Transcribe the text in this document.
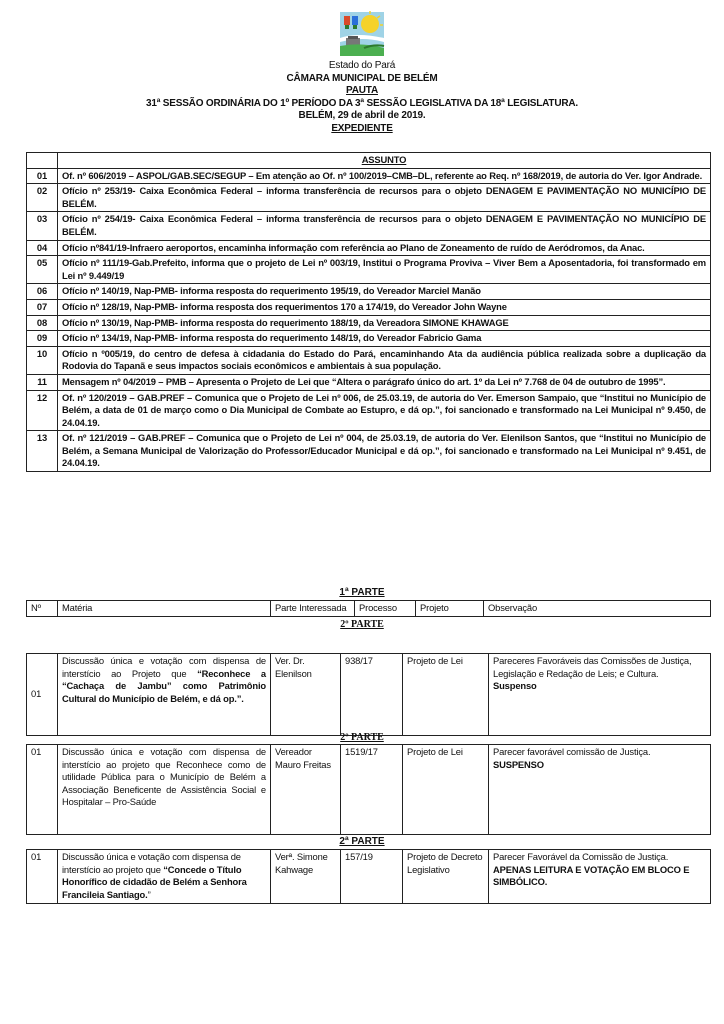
Estado do Pará
CÂMARA MUNICIPAL DE BELÉM
PAUTA
31ª SESSÃO ORDINÁRIA DO 1º PERÍODO DA 3ª SESSÃO LEGISLATIVA DA 18ª LEGISLATURA.
BELÉM, 29 de abril de 2019.
EXPEDIENTE
	ASSUNTO
01	Of. nº 606/2019 – ASPOL/GAB.SEC/SEGUP – Em atenção ao Of. nº 100/2019–CMB–DL, referente ao Req. nº 168/2019, de autoria do Ver. Igor Andrade.
02	Ofício nº 253/19- Caixa Econômica Federal – informa transferência de recursos para o objeto DENAGEM E PAVIMENTAÇÃO NO MUNICÍPIO DE BELÉM.
03	Ofício nº 254/19- Caixa Econômica Federal – informa transferência de recursos para o objeto DENAGEM E PAVIMENTAÇÃO NO MUNICÍPIO DE BELÉM.
04	Ofício nº841/19-Infraero aeroportos, encaminha informação com referência ao Plano de Zoneamento de ruído de Aeródromos, da Anac.
05	Ofício nº 111/19-Gab.Prefeito, informa que o projeto de Lei nº 003/19, Institui o Programa Proviva – Viver Bem a Aposentadoria, foi transformado em Lei nº 9.449/19
06	Ofício nº 140/19, Nap-PMB- informa resposta do requerimento 195/19, do Vereador Marciel Manão
07	Ofício nº 128/19, Nap-PMB- informa resposta dos requerimentos 170 a 174/19, do Vereador John Wayne
08	Ofício nº 130/19, Nap-PMB- informa resposta do requerimento 188/19, da Vereadora SIMONE KHAWAGE
09	Ofício nº 134/19, Nap-PMB- informa resposta do requerimento 148/19, do Vereador Fabricio Gama
10	Ofício n º005/19, do centro de defesa à cidadania do Estado do Pará, encaminhando Ata da audiência pública realizada sobre a duplicação da Rodovia do Tapanã e seus impactos sociais econômicos e ambientais à sua população.
11	Mensagem nº 04/2019 – PMB – Apresenta o Projeto de Lei que “Altera o parágrafo único do art. 1º da Lei nº 7.768 de 04 de outubro de 1995”.
12	Of. nº 120/2019 – GAB.PREF – Comunica que o Projeto de Lei nº 006, de 25.03.19, de autoria do Ver. Emerson Sampaio, que “Institui no Município de Belém, a data de 01 de março como o Dia Municipal de Combate ao Estupro, e dá op.”, foi sancionado e transformado na Lei Municipal nº 9.450, de 24.04.19.
13	Of. nº 121/2019 – GAB.PREF – Comunica que o Projeto de Lei nº 004, de 25.03.19, de autoria do Ver. Elenilson Santos, que “Institui no Município de Belém, a Semana Municipal de Valorização do Professor/Educador Municipal e dá op.”, foi sancionado e transformado na Lei Municipal nº 9.451, de 24.04.19.
1ª PARTE
Nº	Matéria	Parte Interessada	Processo	Projeto	Observação
2º PARTE
01	Discussão única e votação com dispensa de interstício ao Projeto que “Reconhece a “Cachaça de Jambu” como Patrimônio Cultural do Município de Belém, e dá op.”.	Ver. Dr. Elenilson	938/17	Projeto de Lei	Pareceres Favoráveis das Comissões de Justiça, Legislação e Redação de Leis; e Cultura.
Suspenso
2º PARTE
01	Discussão única e votação com dispensa de interstício ao projeto que Reconhece como de utilidade Pública para o Município de Belém a Associação Beneficente de Assistência Social e Hospitalar – Pro-Saúde	Vereador Mauro Freitas	1519/17	Projeto de Lei	Parecer favorável comissão de Justiça.
SUSPENSO
2ª PARTE
01	Discussão única e votação com dispensa de interstício ao projeto que “Concede o Título Honorífico de cidadão de Belém a Senhora Francileia Santiago.”	Verª. Simone Kahwage	157/19	Projeto de Decreto Legislativo	
Parecer Favorável da Comissão de Justiça.
APENAS LEITURA E VOTAÇÃO EM BLOCO E SIMBÓLICO.
